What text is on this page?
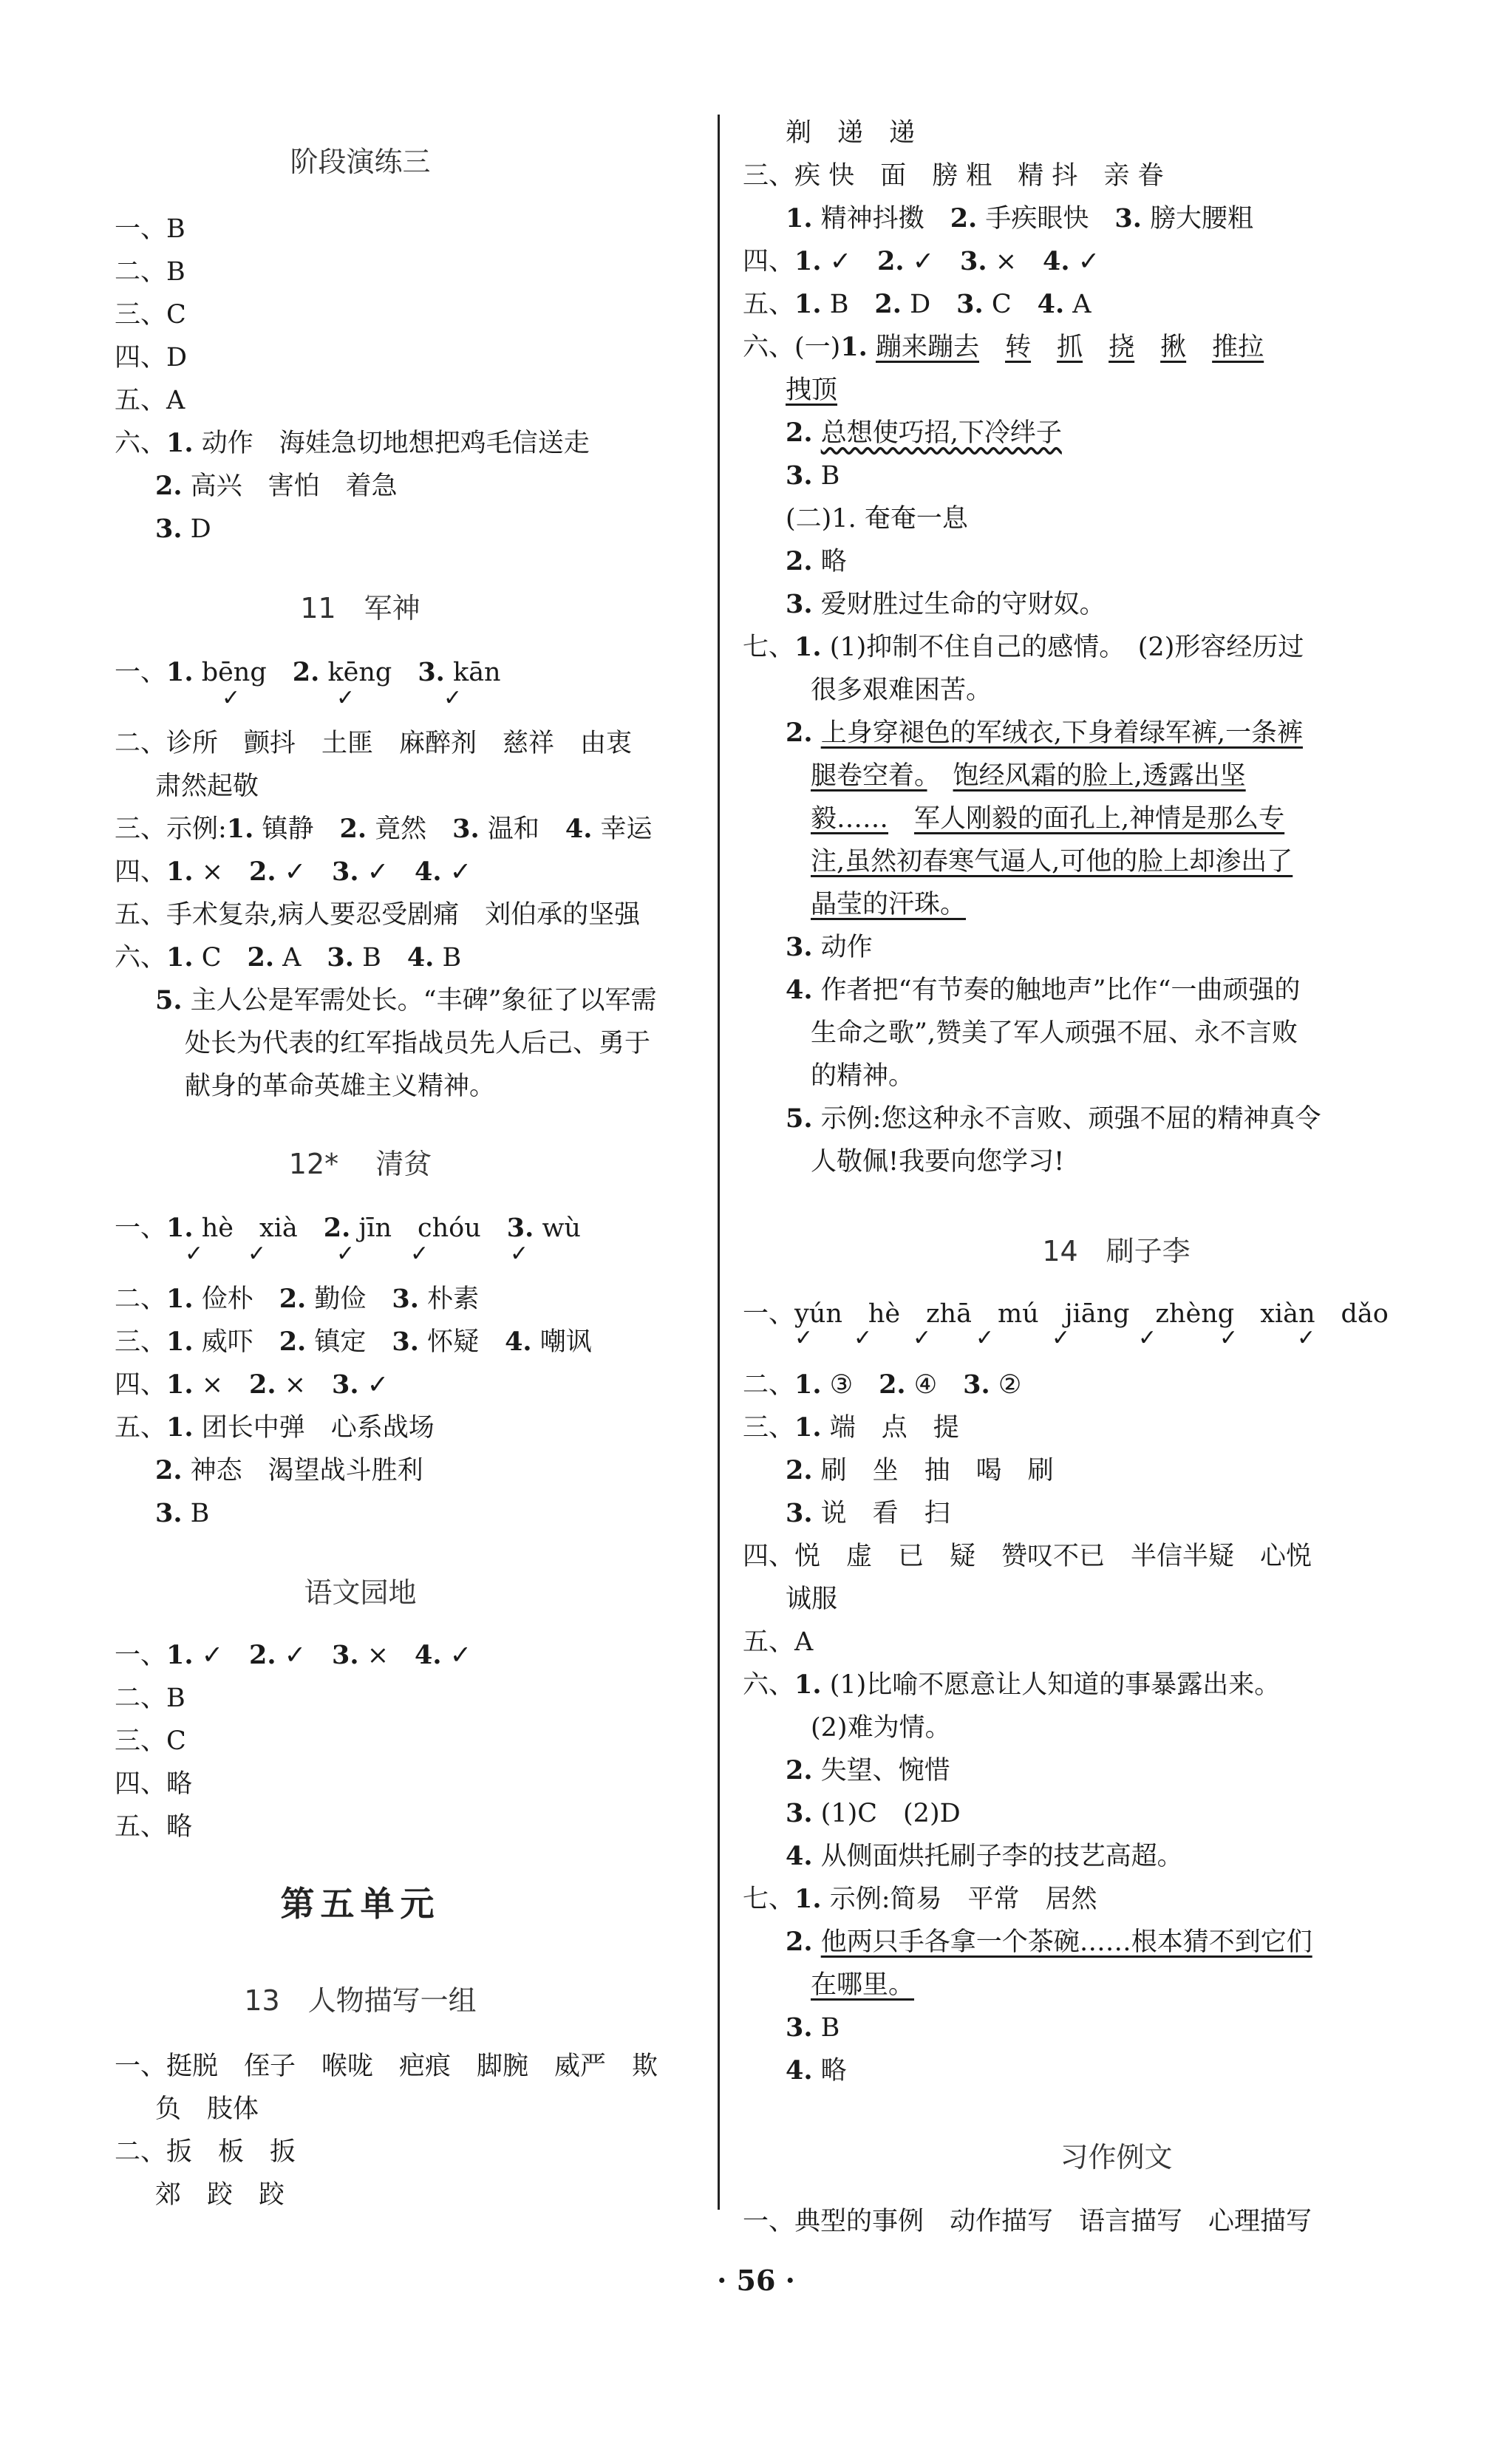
阶段演练三
一、B
二、B
三、C
四、D
五、A
六、1. 动作　海娃急切地想把鸡毛信送走
2. 高兴　害怕　着急
3. D
11　军神
一、1. bēng　2. kēng　3. kān
✓	✓	✓
二、诊所　颤抖　土匪　麻醉剂　慈祥　由衷
肃然起敬
三、示例:1. 镇静　2. 竟然　3. 温和　4. 幸运
四、1. ×　2. ✓　3. ✓　4. ✓
五、手术复杂,病人要忍受剧痛　刘伯承的坚强
六、1. C　2. A　3. B　4. B
5. 主人公是军需处长。“丰碑”象征了以军需
处长为代表的红军指战员先人后己、勇于
献身的革命英雄主义精神。
12* 　清贫
一、1. hè　xià　2. jīn　chóu　3. wù
✓ ✓	✓ ✓	✓
二、1. 俭朴　2. 勤俭　3. 朴素
三、1. 威吓　2. 镇定　3. 怀疑　4. 嘲讽
四、1. ×　2. ×　3. ✓
五、1. 团长中弹　心系战场
2. 神态　渴望战斗胜利
3. B
语文园地
一、1. ✓　2. ✓　3. ×　4. ✓
二、B
三、C
四、略
五、略
第五单元
13　人物描写一组
一、挺脱　侄子　喉咙　疤痕　脚腕　威严　欺
负　肢体
二、扳　板　扳
郊　跤　跤
剃　递　递
三、疾 快　面　膀 粗　精 抖　亲 眷
1. 精神抖擞　2. 手疾眼快　3. 膀大腰粗
四、1. ✓　2. ✓　3. ×　4. ✓
五、1. B　2. D　3. C　4. A
六、(一)1. 蹦来蹦去　 转　 抓　 挠　 揪　 推拉
拽顶
2. 总想使巧招,下冷绊子
3. B
(二)1. 奄奄一息
2. 略
3. 爱财胜过生命的守财奴。
七、1. (1)抑制不住自己的感情。　(2)形容经历过
很多艰难困苦。
2. 上身穿褪色的军绒衣,下身着绿军裤,一条裤
腿卷空着。　 饱经风霜的脸上,透露出坚
毅……　 军人刚毅的面孔上,神情是那么专
注,虽然初春寒气逼人,可他的脸上却渗出了
晶莹的汗珠。
3. 动作
4. 作者把“有节奏的触地声”比作“一曲顽强的
生命之歌”,赞美了军人顽强不屈、永不言败
的精神。
5. 示例:您这种永不言败、顽强不屈的精神真令
人敬佩!我要向您学习!
14　刷子李
一、yún　hè　zhā　mú　jiāng　zhèng　xiàn　dǎo
✓ ✓ ✓ ✓	✓	✓	✓	✓
二、1. ③　2. ④　3. ②
三、1. 端　点　提
2. 刷　坐　抽　喝　刷
3. 说　看　扫
四、悦　虚　已　疑　赞叹不已　半信半疑　心悦
诚服
五、A
六、1. (1)比喻不愿意让人知道的事暴露出来。
(2)难为情。
2. 失望、惋惜
3. (1)C　(2)D
4. 从侧面烘托刷子李的技艺高超。
七、1. 示例:简易　平常　居然
2. 他两只手各拿一个茶碗……根本猜不到它们
在哪里。
3. B
4. 略
习作例文
一、典型的事例　动作描写　语言描写　心理描写
· 56 ·
